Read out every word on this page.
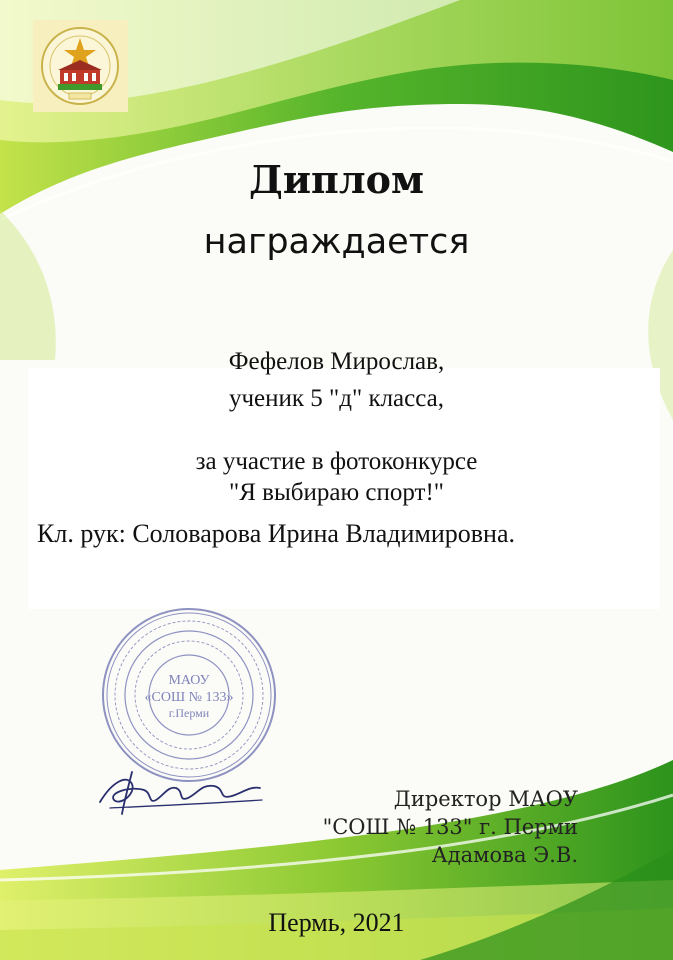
Диплом
награждается
Фефелов Мирослав,
ученик 5 "д" класса,
за участие в фотоконкурсе
"Я выбираю спорт!"
Кл. рук: Соловарова Ирина Владимировна.
МАОУ
«СОШ № 133»
г.Перми
Директор МАОУ
"СОШ № 133" г. Перми
Адамова Э.В.
Пермь, 2021
